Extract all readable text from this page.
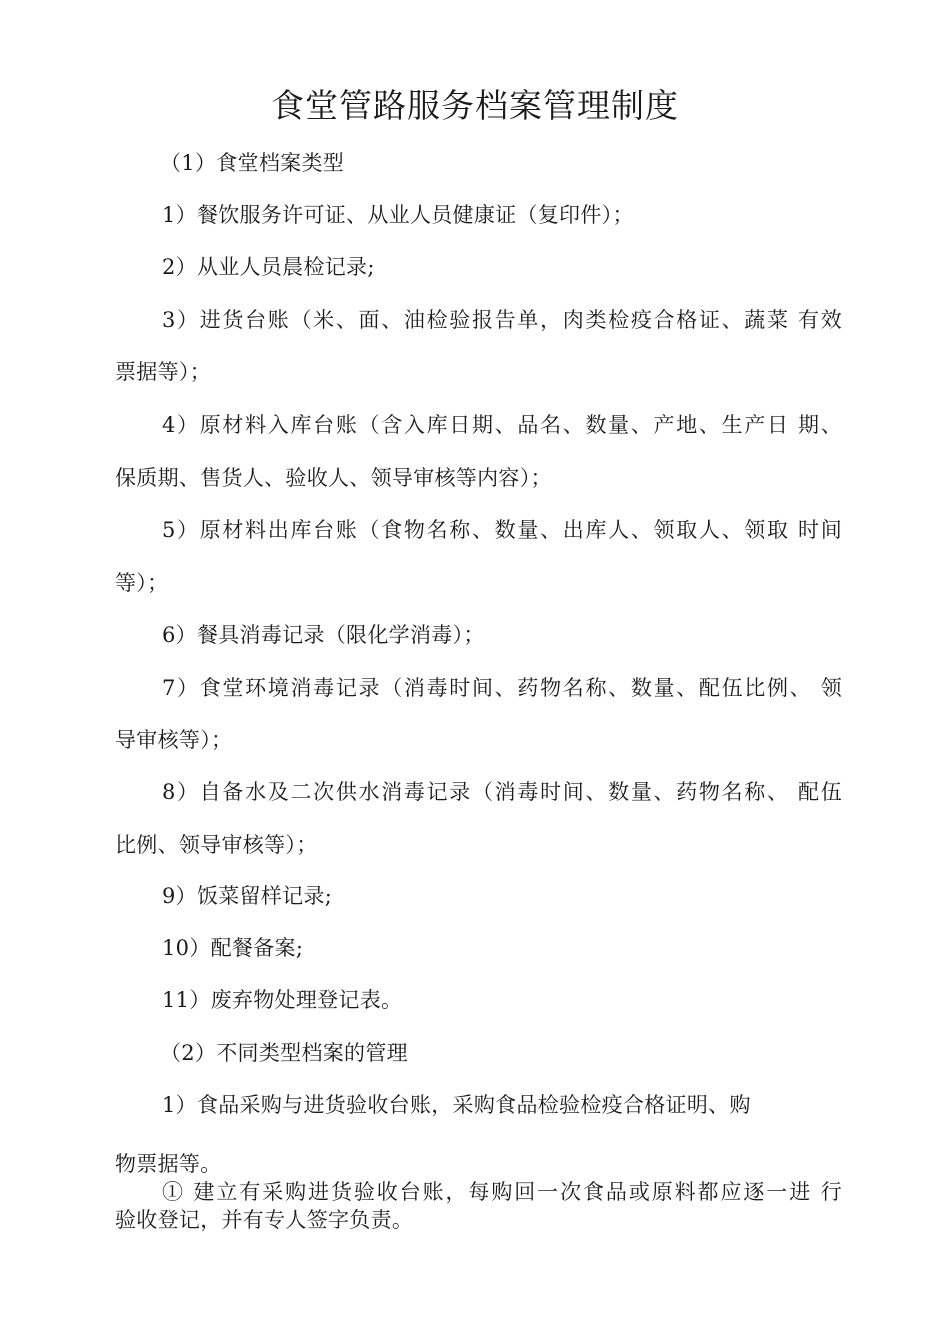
食堂管路服务档案管理制度
（1）食堂档案类型
1）餐饮服务许可证、从业人员健康证（复印件）；
2）从业人员晨检记录;
3）进货台账（米、面、油检验报告单，肉类检疫合格证、蔬菜 有效
票据等）；
4）原材料入库台账（含入库日期、品名、数量、产地、生产日 期、
保质期、售货人、验收人、领导审核等内容）；
5）原材料出库台账（食物名称、数量、出库人、领取人、领取 时间
等）；
6）餐具消毒记录（限化学消毒）；
7）食堂环境消毒记录（消毒时间、药物名称、数量、配伍比例、 领
导审核等）；
8）自备水及二次供水消毒记录（消毒时间、数量、药物名称、 配伍
比例、领导审核等）；
9）饭菜留样记录;
10）配餐备案;
11）废弃物处理登记表。
（2）不同类型档案的管理
1）食品采购与进货验收台账，采购食品检验检疫合格证明、购
物票据等。
① 建立有采购进货验收台账，每购回一次食品或原料都应逐一进 行
验收登记，并有专人签字负责。
